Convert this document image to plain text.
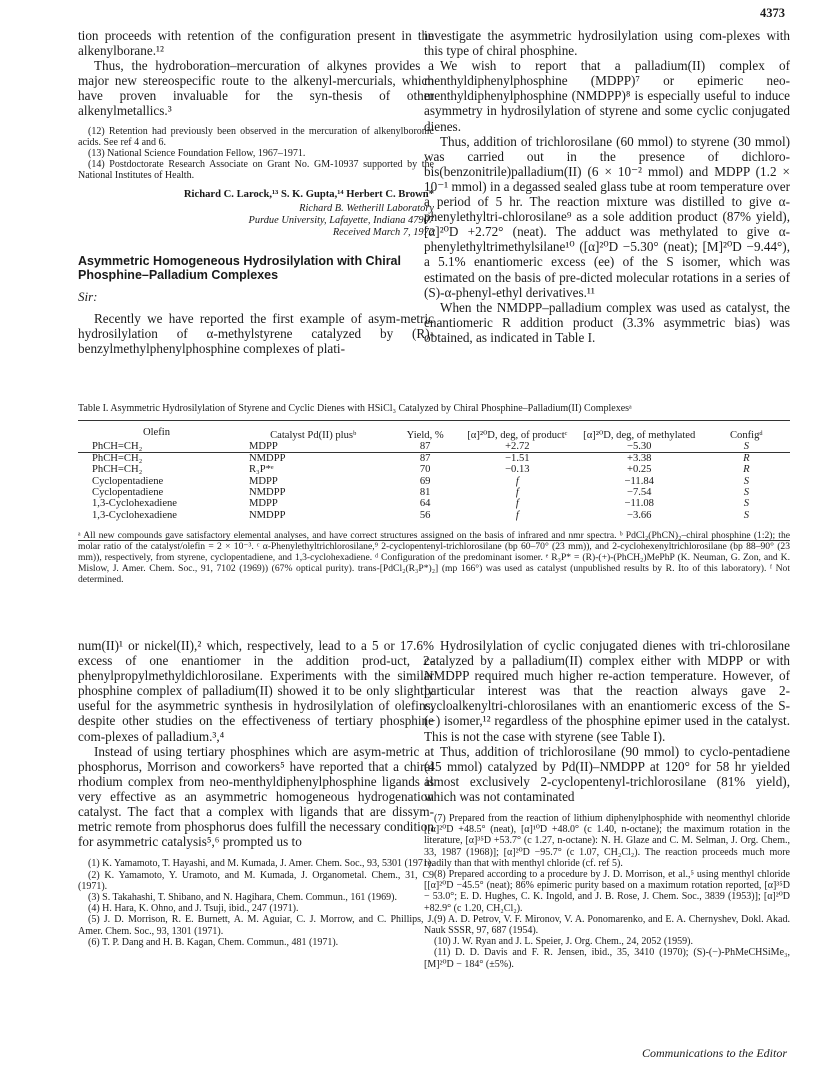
4373

tion proceeds with retention of the configuration present in the alkenylborane.¹²

Thus, the hydroboration–mercuration of alkynes provides a major new stereospecific route to the alkenyl-mercurials, which have proven invaluable for the syn-thesis of other alkenylmetallics.³

(12) Retention had previously been observed in the mercuration of alkenylboronic acids. See ref 4 and 6.

(13) National Science Foundation Fellow, 1967–1971.

(14) Postdoctorate Research Associate on Grant No. GM-10937 supported by the National Institutes of Health.

Richard C. Larock,¹³ S. K. Gupta,¹⁴ Herbert C. Brown*

Richard B. Wetherill Laboratory

Purdue University, Lafayette, Indiana 47907

Received March 7, 1972

Asymmetric Homogeneous Hydrosilylation with Chiral Phosphine–Palladium Complexes

Sir:

Recently we have reported the first example of asym-metric hydrosilylation of α-methylstyrene catalyzed by (R)-benzylmethylphenylphosphine complexes of plati-

investigate the asymmetric hydrosilylation using com-plexes with this type of chiral phosphine.

We wish to report that a palladium(II) complex of menthyldiphenylphosphine (MDPP)⁷ or epimeric neo-menthyldiphenylphosphine (NMDPP)⁸ is especially useful to induce asymmetry in hydrosilylation of styrene and some cyclic conjugated dienes.

Thus, addition of trichlorosilane (60 mmol) to styrene (30 mmol) was carried out in the presence of dichloro-bis(benzonitrile)palladium(II) (6 × 10⁻² mmol) and MDPP (1.2 × 10⁻¹ mmol) in a degassed sealed glass tube at room temperature over a period of 5 hr. The reaction mixture was distilled to give α-phenylethyltri-chlorosilane⁹ as a sole addition product (87% yield), [α]²⁰D +2.72° (neat). The adduct was methylated to give α-phenylethyltrimethylsilane¹⁰ ([α]²⁰D −5.30° (neat); [M]²⁰D −9.44°), a 5.1% enantiomeric excess (ee) of the S isomer, which was estimated on the basis of pre-dicted molecular rotations in a series of (S)-α-phenyl-ethyl derivatives.¹¹

When the NMDPP–palladium complex was used as catalyst, the enantiomeric R addition product (3.3% asymmetric bias) was obtained, as indicated in Table I.

Table I. Asymmetric Hydrosilylation of Styrene and Cyclic Dienes with HSiCl₃ Catalyzed by Chiral Phosphine–Palladium(II) Complexesᵃ

Olefin	Catalyst Pd(II) plusᵇ	Yield, %	[α]²⁰D, deg, of productᶜ	[α]²⁰D, deg, of methylated	Configᵈ
PhCH=CH₂	MDPP	87	+2.72	−5.30	S
PhCH=CH₂	NMDPP	87	−1.51	+3.38	R
PhCH=CH₂	R₃P*ᵉ	70	−0.13	+0.25	R
Cyclopentadiene	MDPP	69	f	−11.84	S
Cyclopentadiene	NMDPP	81	f	−7.54	S
1,3-Cyclohexadiene	MDPP	64	f	−11.08	S
1,3-Cyclohexadiene	NMDPP	56	f	−3.66	S

ᵃ All new compounds gave satisfactory elemental analyses, and have correct structures assigned on the basis of infrared and nmr spectra. ᵇ PdCl₂(PhCN)₂–chiral phosphine (1:2); the molar ratio of the catalyst/olefin = 2 × 10⁻³. ᶜ α-Phenylethyltrichlorosilane,⁹ 2-cyclopentenyl-trichlorosilane (bp 60–70° (23 mm)), and 2-cyclohexenyltrichlorosilane (bp 88–90° (23 mm)), respectively, from styrene, cyclopentadiene, and 1,3-cyclohexadiene. ᵈ Configuration of the predominant isomer. ᵉ R₃P* = (R)-(+)-(PhCH₂)MePhP (K. Neuman, G. Zon, and K. Mislow, J. Amer. Chem. Soc., 91, 7102 (1969)) (67% optical purity). trans-[PdCl₂(R₃P*)₂] (mp 166°) was used as catalyst (unpublished results by R. Ito of this laboratory). ᶠ Not determined.

num(II)¹ or nickel(II),² which, respectively, lead to a 5 or 17.6% excess of one enantiomer in the addition prod-uct, 2-phenylpropylmethyldichlorosilane. Experiments with the similar phosphine complex of palladium(II) showed it to be only slightly useful for the asymmetric synthesis in hydrosilylation of olefins, despite other studies on the effectiveness of tertiary phosphine com-plexes of palladium.³,⁴

Instead of using tertiary phosphines which are asym-metric at phosphorus, Morrison and coworkers⁵ have reported that a chiral rhodium complex from neo-menthyldiphenylphosphine ligands is very effective as an asymmetric homogeneous hydrogenation catalyst. The fact that a complex with ligands that are dissym-metric remote from phosphorus does fulfill the necessary condition for asymmetric catalysis⁵,⁶ prompted us to

(1) K. Yamamoto, T. Hayashi, and M. Kumada, J. Amer. Chem. Soc., 93, 5301 (1971).

(2) K. Yamamoto, Y. Uramoto, and M. Kumada, J. Organometal. Chem., 31, C9 (1971).

(3) S. Takahashi, T. Shibano, and N. Hagihara, Chem. Commun., 161 (1969).

(4) H. Hara, K. Ohno, and J. Tsuji, ibid., 247 (1971).

(5) J. D. Morrison, R. E. Burnett, A. M. Aguiar, C. J. Morrow, and C. Phillips, J. Amer. Chem. Soc., 93, 1301 (1971).

(6) T. P. Dang and H. B. Kagan, Chem. Commun., 481 (1971).

Hydrosilylation of cyclic conjugated dienes with tri-chlorosilane catalyzed by a palladium(II) complex either with MDPP or with NMDPP required much higher re-action temperature. However, of particular interest was that the reaction always gave 2-cycloalkenyltri-chlorosilanes with an enantiomeric excess of the S-(−) isomer,¹² regardless of the phosphine epimer used in the catalyst. This is not the case with styrene (see Table I).

Thus, addition of trichlorosilane (90 mmol) to cyclo-pentadiene (45 mmol) catalyzed by Pd(II)–NMDPP at 120° for 58 hr yielded almost exclusively 2-cyclopentenyl-trichlorosilane (81% yield), which was not contaminated

(7) Prepared from the reaction of lithium diphenylphosphide with neomenthyl chloride [[α]²⁰D +48.5° (neat), [α]¹⁰D +48.0° (c 1.40, n-octane); the maximum rotation in the literature, [α]³⁵D +53.7° (c 1.27, n-octane): N. H. Glaze and C. M. Selman, J. Org. Chem., 33, 1987 (1968)]; [α]²⁰D −95.7° (c 1.07, CH₂Cl₂). The reaction proceeds much more readily than that with menthyl chloride (cf. ref 5).

(8) Prepared according to a procedure by J. D. Morrison, et al.,⁵ using menthyl chloride [[α]²⁰D −45.5° (neat); 86% epimeric purity based on a maximum rotation reported, [α]³⁵D − 53.0°; E. D. Hughes, C. K. Ingold, and J. B. Rose, J. Chem. Soc., 3839 (1953)]; [α]²⁰D +82.9° (c 1.20, CH₂Cl₂).

(9) A. D. Petrov, V. F. Mironov, V. A. Ponomarenko, and E. A. Chernyshev, Dokl. Akad. Nauk SSSR, 97, 687 (1954).

(10) J. W. Ryan and J. L. Speier, J. Org. Chem., 24, 2052 (1959).

(11) D. D. Davis and F. R. Jensen, ibid., 35, 3410 (1970); (S)-(−)-PhMeCHSiMe₃, [M]²⁰D − 184° (±5%).

Communications to the Editor
